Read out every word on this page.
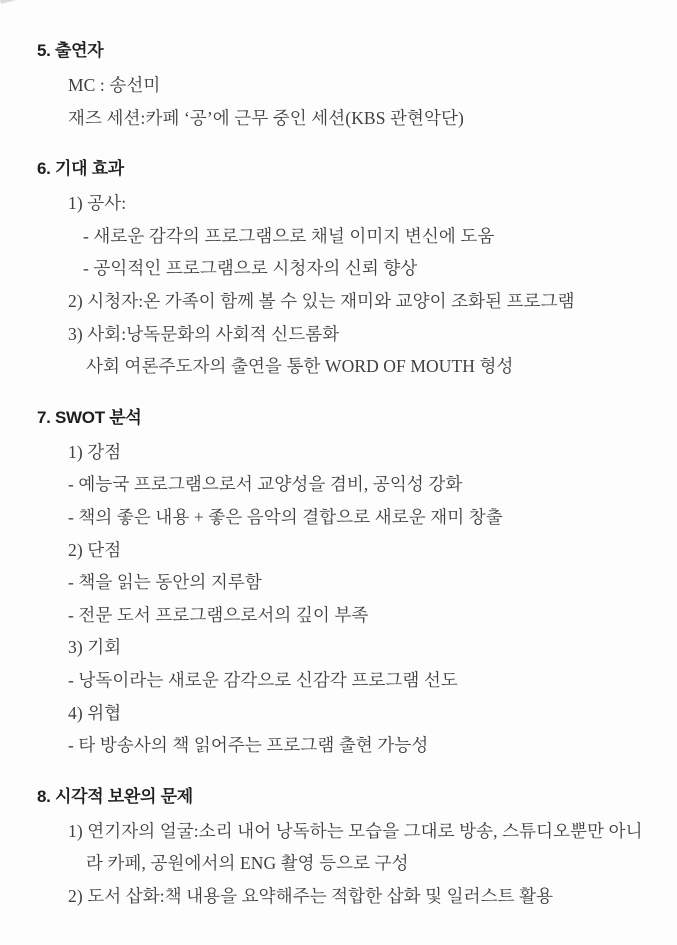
5. 출연자
MC : 송선미
재즈 세션:카페 ‘공’에 근무 중인 세션(KBS 관현악단)
6. 기대 효과
1) 공사:
- 새로운 감각의 프로그램으로 채널 이미지 변신에 도움
- 공익적인 프로그램으로 시청자의 신뢰 향상
2) 시청자:온 가족이 함께 볼 수 있는 재미와 교양이 조화된 프로그램
3) 사회:낭독문화의 사회적 신드롬화
사회 여론주도자의 출연을 통한 WORD OF MOUTH 형성
7. SWOT 분석
1) 강점
- 예능국 프로그램으로서 교양성을 겸비, 공익성 강화
- 책의 좋은 내용 + 좋은 음악의 결합으로 새로운 재미 창출
2) 단점
- 책을 읽는 동안의 지루함
- 전문 도서 프로그램으로서의 깊이 부족
3) 기회
- 낭독이라는 새로운 감각으로 신감각 프로그램 선도
4) 위협
- 타 방송사의 책 읽어주는 프로그램 출현 가능성
8. 시각적 보완의 문제
1) 연기자의 얼굴:소리 내어 낭독하는 모습을 그대로 방송, 스튜디오뿐만 아니
라 카페, 공원에서의 ENG 촬영 등으로 구성
2) 도서 삽화:책 내용을 요약해주는 적합한 삽화 및 일러스트 활용
